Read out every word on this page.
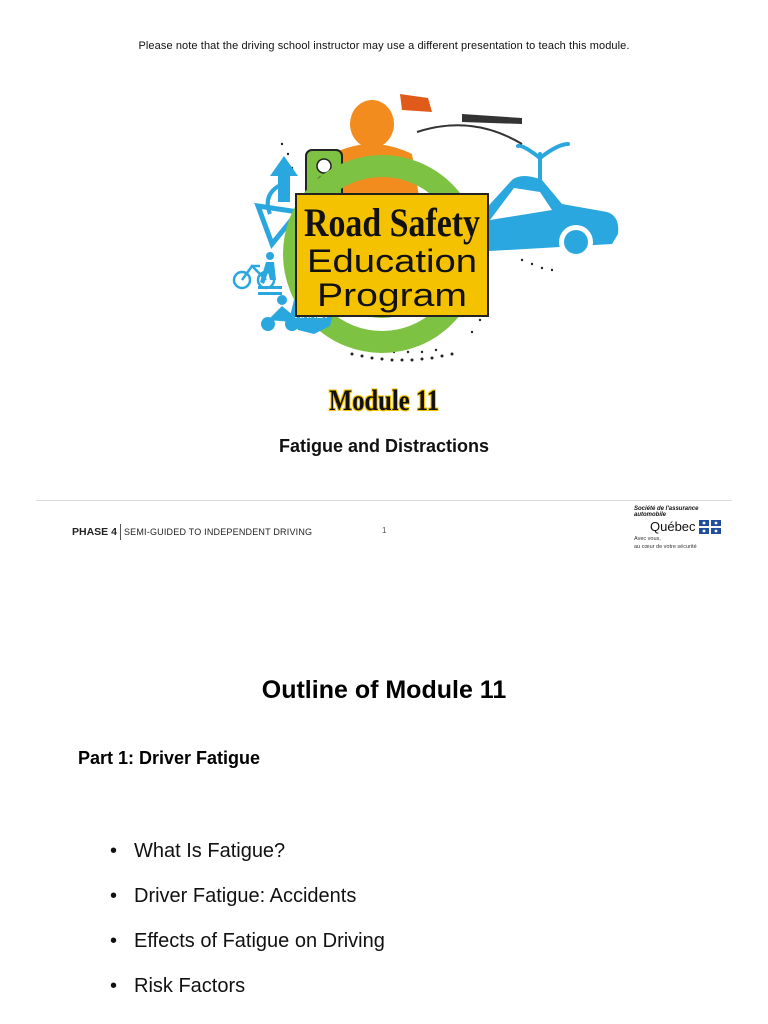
Please note that the driving school instructor may use a different presentation to teach this module.
Road Safety
Education
Program
Module 11
Fatigue and Distractions
PHASE 4 SEMI-GUIDED TO INDEPENDENT DRIVING	1
Société de l'assurance
automobile
Québec
Avec vous,
au cœur de votre sécurité
Outline of Module 11
Part 1: Driver Fatigue
• What Is Fatigue?
• Driver Fatigue: Accidents
• Effects of Fatigue on Driving
• Risk Factors
